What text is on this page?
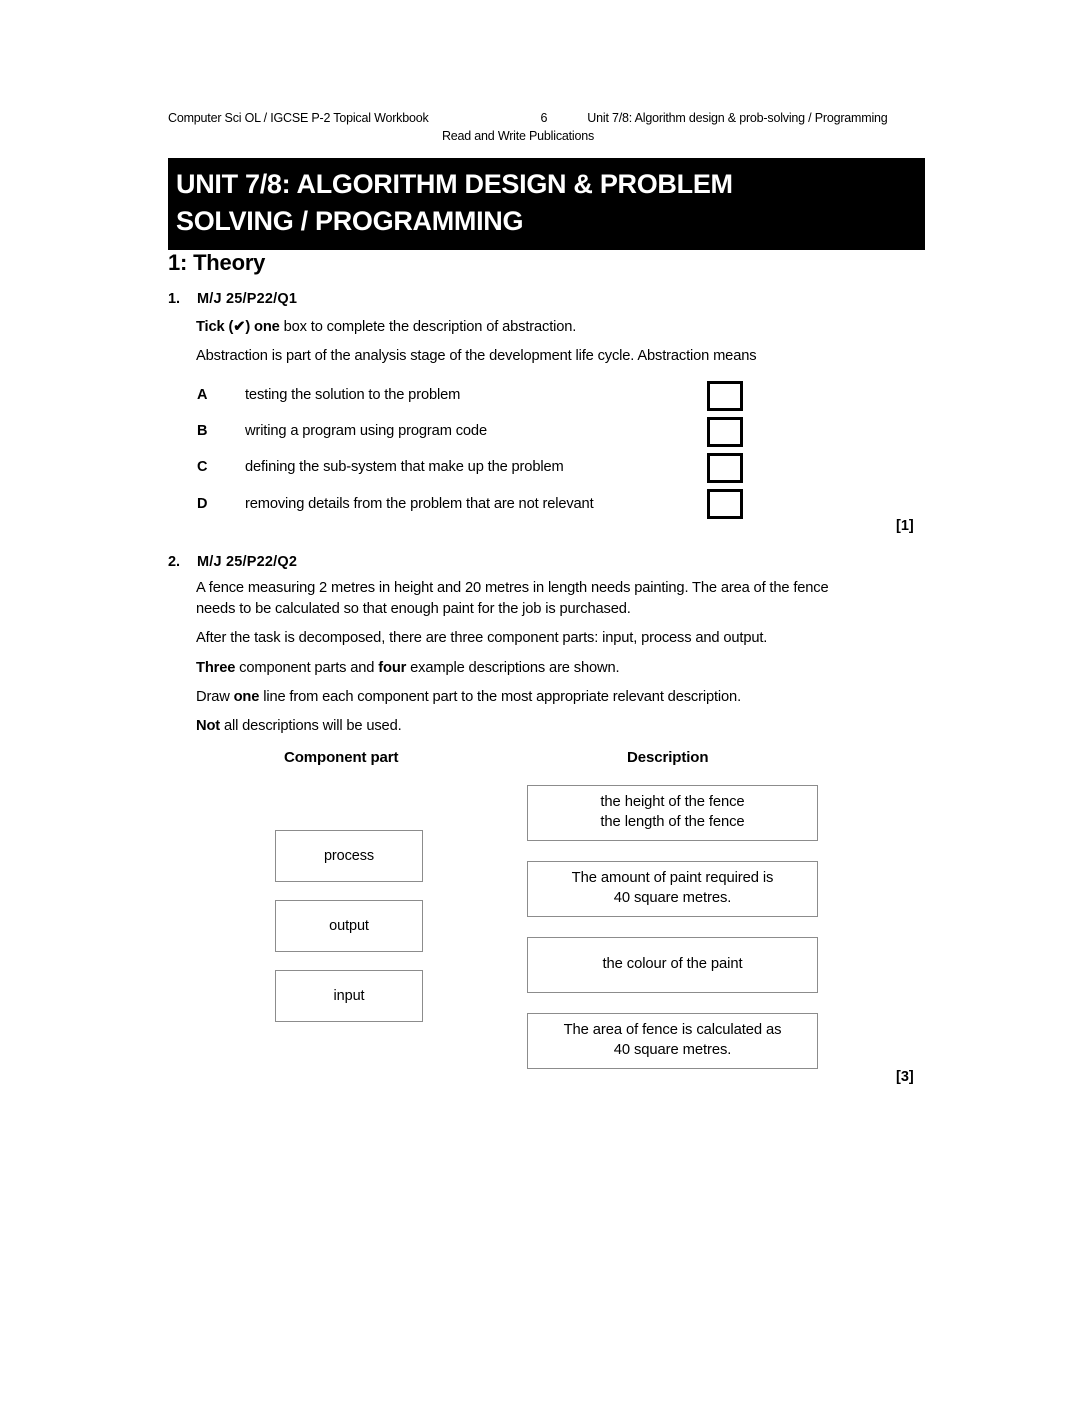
Computer Sci OL / IGCSE P-2 Topical Workbook	6	Unit 7/8: Algorithm design & prob-solving / Programming
Read and Write Publications
UNIT 7/8: ALGORITHM DESIGN & PROBLEM
SOLVING / PROGRAMMING
1: Theory
1. M/J 25/P22/Q1
Tick (✔) one box to complete the description of abstraction.
Abstraction is part of the analysis stage of the development life cycle. Abstraction means
A	testing the solution to the problem
B	writing a program using program code
C	defining the sub-system that make up the problem
D	removing details from the problem that are not relevant
[1]
2. M/J 25/P22/Q2
A fence measuring 2 metres in height and 20 metres in length needs painting. The area of the fence
needs to be calculated so that enough paint for the job is purchased.
After the task is decomposed, there are three component parts: input, process and output.
Three component parts and four example descriptions are shown.
Draw one line from each component part to the most appropriate relevant description.
Not all descriptions will be used.
Component part	Description
process
output
input
the height of the fence
the length of the fence
The amount of paint required is
40 square metres.
the colour of the paint
The area of fence is calculated as
40 square metres.
[3]
